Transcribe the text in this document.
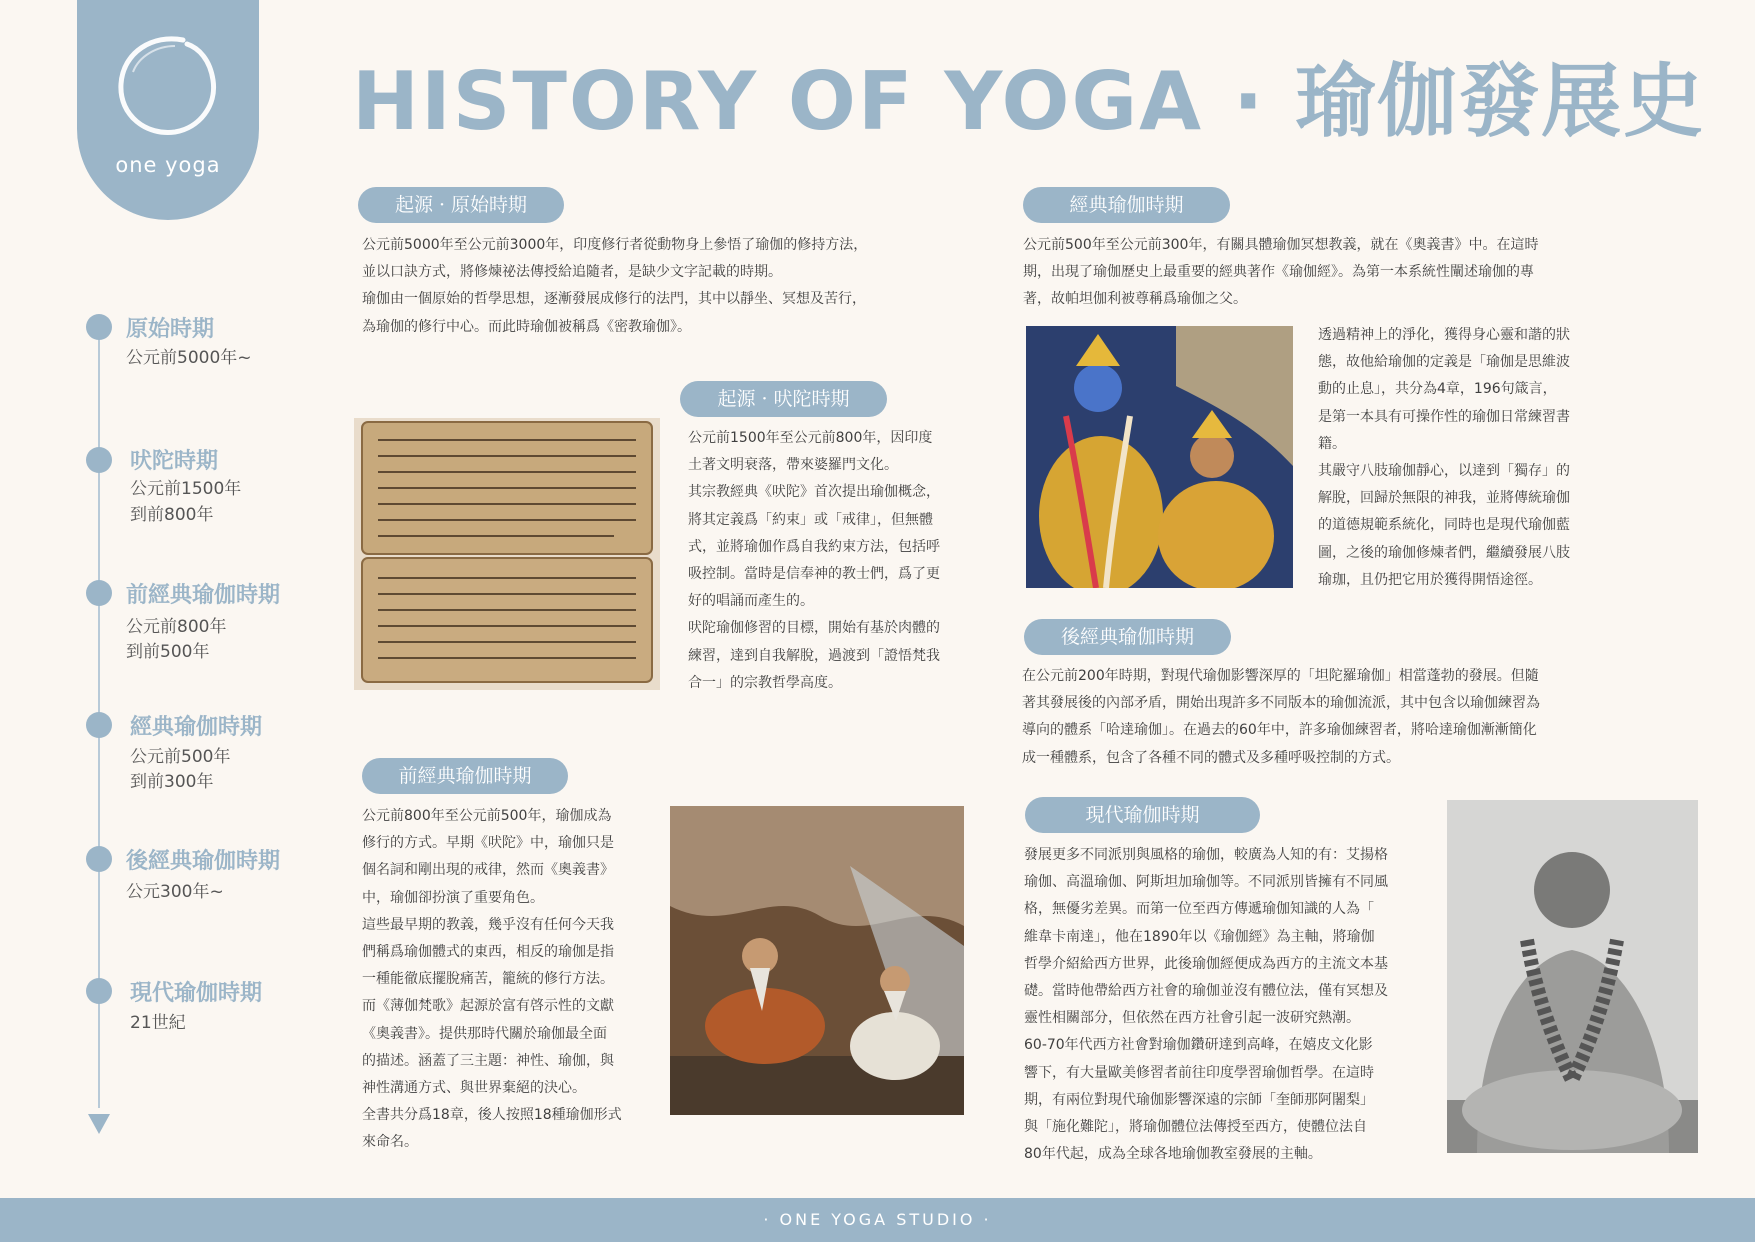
one yoga
HISTORY OF YOGA · 瑜伽發展史
原始時期
公元前5000年~
吠陀時期
公元前1500年
到前800年
前經典瑜伽時期
公元前800年
到前500年
經典瑜伽時期
公元前500年
到前300年
後經典瑜伽時期
公元300年~
現代瑜伽時期
21世紀
起源 · 原始時期

公元前5000年至公元前3000年，印度修行者從動物身上參悟了瑜伽的修持方法，

並以口訣方式，將修煉祕法傳授給追隨者，是缺少文字記載的時期。

瑜伽由一個原始的哲學思想，逐漸發展成修行的法門，其中以靜坐、冥想及苦行，

為瑜伽的修行中心。而此時瑜伽被稱爲《密教瑜伽》。

起源 · 吠陀時期

公元前1500年至公元前800年，因印度

土著文明衰落，帶來婆羅門文化。

其宗教經典《吠陀》首次提出瑜伽概念，

將其定義爲「約束」或「戒律」，但無體

式，並將瑜伽作爲自我約束方法，包括呼

吸控制。當時是信奉神的教士們，爲了更

好的唱誦而產生的。

吠陀瑜伽修習的目標，開始有基於肉體的

練習，達到自我解脫，過渡到「證悟梵我

合一」的宗教哲學高度。

前經典瑜伽時期

公元前800年至公元前500年，瑜伽成為

修行的方式。早期《吠陀》中，瑜伽只是

個名詞和剛出現的戒律，然而《奧義書》

中，瑜伽卻扮演了重要角色。

這些最早期的教義，幾乎沒有任何今天我

們稱爲瑜伽體式的東西，相反的瑜伽是指

一種能徹底擺脫痛苦，籠統的修行方法。

而《薄伽梵歌》起源於富有啓示性的文獻

《奧義書》。提供那時代關於瑜伽最全面

的描述。涵蓋了三主題：神性、瑜伽，與

神性溝通方式、與世界棄絕的決心。

全書共分爲18章，後人按照18種瑜伽形式

來命名。

經典瑜伽時期

公元前500年至公元前300年，有關具體瑜伽冥想教義，就在《奧義書》中。在這時

期，出現了瑜伽歷史上最重要的經典著作《瑜伽經》。為第一本系統性闡述瑜伽的專

著，故帕坦伽利被尊稱爲瑜伽之父。

透過精神上的淨化，獲得身心靈和諧的狀

態，故他給瑜伽的定義是「瑜伽是思維波

動的止息」，共分為4章，196句箴言，

是第一本具有可操作性的瑜伽日常練習書

籍。

其嚴守八肢瑜伽靜心，以達到「獨存」的

解脫，回歸於無限的神我，並將傳統瑜伽

的道德規範系統化，同時也是現代瑜伽藍

圖，之後的瑜伽修煉者們，繼續發展八肢

瑜珈，且仍把它用於獲得開悟途徑。

後經典瑜伽時期

在公元前200年時期，對現代瑜伽影響深厚的「坦陀羅瑜伽」相當蓬勃的發展。但隨

著其發展後的內部矛盾，開始出現許多不同版本的瑜伽流派，其中包含以瑜伽練習為

導向的體系「哈達瑜伽」。在過去的60年中，許多瑜伽練習者，將哈達瑜伽漸漸簡化

成一種體系，包含了各種不同的體式及多種呼吸控制的方式。

現代瑜伽時期

發展更多不同派別與風格的瑜伽，較廣為人知的有：艾揚格

瑜伽、高溫瑜伽、阿斯坦加瑜伽等。不同派別皆擁有不同風

格，無優劣差異。而第一位至西方傳遞瑜伽知識的人為「

維韋卡南達」，他在1890年以《瑜伽經》為主軸，將瑜伽

哲學介紹給西方世界，此後瑜伽經便成為西方的主流文本基

礎。當時他帶給西方社會的瑜伽並沒有體位法，僅有冥想及

靈性相關部分，但依然在西方社會引起一波研究熱潮。

60-70年代西方社會對瑜伽鑽研達到高峰，在嬉皮文化影

響下，有大量歐美修習者前往印度學習瑜伽哲學。在這時

期，有兩位對現代瑜伽影響深遠的宗師「奎師那阿闍梨」

與「施化難陀」，將瑜伽體位法傳授至西方，使體位法自

80年代起，成為全球各地瑜伽教室發展的主軸。

· ONE YOGA STUDIO ·
